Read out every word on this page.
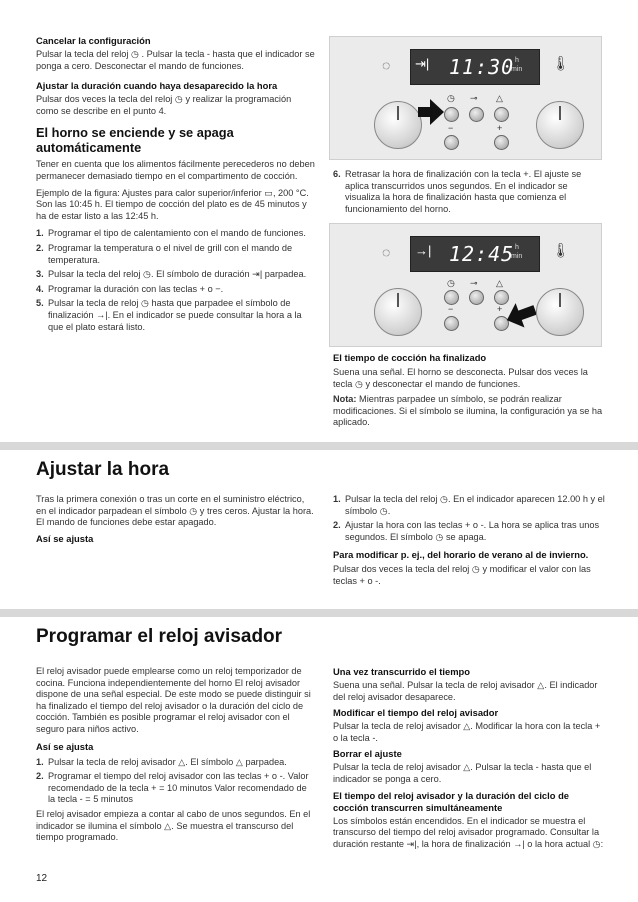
Cancelar la configuración

Pulsar la tecla del reloj ◷ . Pulsar la tecla - hasta que el indicador se ponga a cero. Desconectar el mando de funciones.

Ajustar la duración cuando haya desaparecido la hora

Pulsar dos veces la tecla del reloj ◷ y realizar la programación como se describe en el punto 4.

El horno se enciende y se apaga automáticamente

Tener en cuenta que los alimentos fácilmente perecederos no deben permanecer demasiado tiempo en el compartimento de cocción.

Ejemplo de la figura: Ajustes para calor superior/inferior ▭, 200 °C. Son las 10:45 h. El tiempo de cocción del plato es de 45 minutos y ha de estar listo a las 12:45 h.

1. Programar el tipo de calentamiento con el mando de funciones.
2. Programar la temperatura o el nivel de grill con el mando de temperatura.
3. Pulsar la tecla del reloj ◷. El símbolo de duración ⇥| parpadea.
4. Programar la duración con las teclas + o −.
5. Pulsar la tecla de reloj ◷ hasta que parpadee el símbolo de finalización →|. En el indicador se puede consultar la hora a la que el plato estará listo.
◌ ⇥| 11:30 h
min 🌡
◷ ⊸ △
−	+
6. Retrasar la hora de finalización con la tecla +. El ajuste se aplica transcurridos unos segundos. En el indicador se visualiza la hora de finalización hasta que comienza el funcionamiento del horno.
◌ →| 12:45 h
min 🌡
◷ ⊸ △
−	+

El tiempo de cocción ha finalizado

Suena una señal. El horno se desconecta. Pulsar dos veces la tecla ◷ y desconectar el mando de funciones.

Nota: Mientras parpadee un símbolo, se podrán realizar modificaciones. Si el símbolo se ilumina, la configuración ya se ha aplicado.

Ajustar la hora

Tras la primera conexión o tras un corte en el suministro eléctrico, en el indicador parpadean el símbolo ◷ y tres ceros. Ajustar la hora. El mando de funciones debe estar apagado.

Así se ajusta

1. Pulsar la tecla del reloj ◷. En el indicador aparecen 12.00 h y el símbolo ◷.
2. Ajustar la hora con las teclas + o -. La hora se aplica tras unos segundos. El símbolo ◷ se apaga.

Para modificar p. ej., del horario de verano al de invierno.

Pulsar dos veces la tecla del reloj ◷ y modificar el valor con las teclas + o -.

Programar el reloj avisador

El reloj avisador puede emplearse como un reloj temporizador de cocina. Funciona independientemente del horno El reloj avisador dispone de una señal especial. De este modo se puede distinguir si ha finalizado el tiempo del reloj avisador o la duración del ciclo de cocción. También es posible programar el reloj avisador con el seguro para niños activo.

Así se ajusta

1. Pulsar la tecla de reloj avisador △. El símbolo △ parpadea.
2. Programar el tiempo del reloj avisador con las teclas + o -. Valor recomendado de la tecla + = 10 minutos Valor recomendado de la tecla - = 5 minutos

El reloj avisador empieza a contar al cabo de unos segundos. En el indicador se ilumina el símbolo △. Se muestra el transcurso del tiempo programado.

Una vez transcurrido el tiempo

Suena una señal. Pulsar la tecla de reloj avisador △. El indicador del reloj avisador desaparece.

Modificar el tiempo del reloj avisador

Pulsar la tecla de reloj avisador △. Modificar la hora con la tecla + o la tecla -.

Borrar el ajuste

Pulsar la tecla de reloj avisador △. Pulsar la tecla - hasta que el indicador se ponga a cero.

El tiempo del reloj avisador y la duración del ciclo de cocción transcurren simultáneamente

Los símbolos están encendidos. En el indicador se muestra el transcurso del tiempo del reloj avisador programado. Consultar la duración restante ⇥|, la hora de finalización →| o la hora actual ◷:

12
